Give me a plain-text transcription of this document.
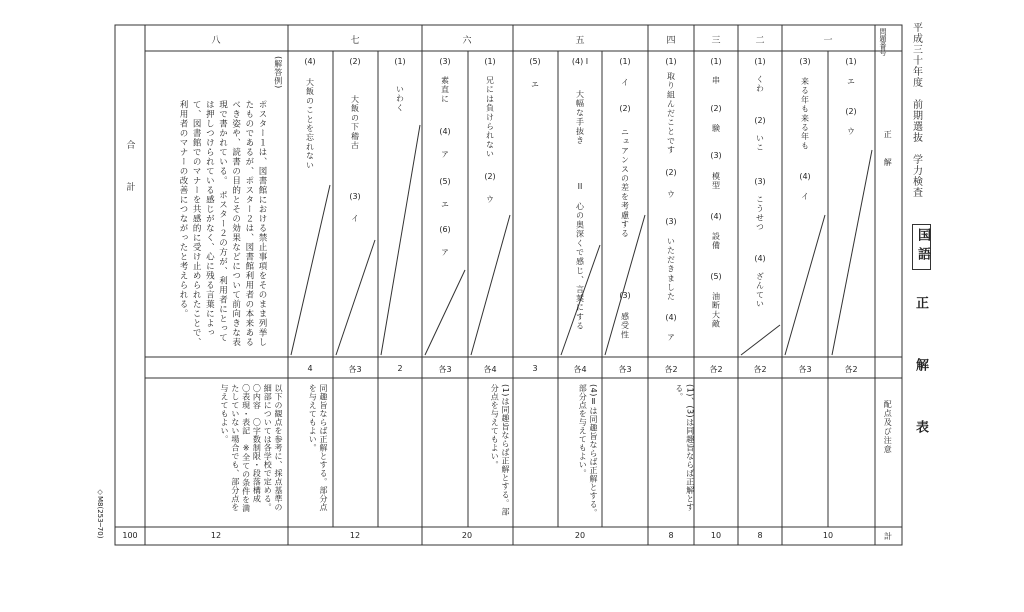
平成三十年度　前期選抜　学力検査
国語
正　解　表
問題番号
正　解
配点及び注意
計
一
二
三
四
五
六
七
八
(1)
エ
(2)
ウ
(3)
来る年も来る年も
(4)
イ
(1)
くわ
(2)
いこ
(3)
こうせつ
(4)
ざんてい
(1)
串
(2)
験
(3)
模型
(4)
設備
(5)
油断大敵
(1)
取り組んだことです
(2)
ウ
(3)
いただきました
(4)
ア
(1)
イ
(2)
ニュアンスの差を考慮する
(3)
感受性
(4) I
大幅な手抜き
II
心の奥深くで感じ、言葉にする
(5)
エ
(1)
兄には負けられない
(2)
ウ
(3)
素直に
(4)
ア
(5)
エ
(6)
ア
(1)
いわく
(2)
大飯の下稽古
(3)
イ
(4)
大飯のことを忘れない
(解答例)
ポスター１は、図書館における禁止事項をそのまま列挙したものであるが、ポスター２は、図書館利用者の本来あるべき姿や、読書の目的とその効果などについて前向きな表現で書かれている。　ポスター２の方が、利用者にとっては押しつけられている感じがなく、心に残る言葉によって、図書館でのマナーを共感的に受け止められたことで、利用者のマナーの改善につながったと考えられる。
各2
各3
各2
各2
各2
各3
各4
3
各4
各3
2
各3
4
(1)、(3)は同趣旨ならば正解とする。
(4)Ⅱは同趣旨ならば正解とする。部分点を与えてもよい。
(1)は同趣旨ならば正解とする。部分点を与えてもよい。
同趣旨ならば正解とする。部分点を与えてもよい。
以下の観点を参考に、採点基準の細部については各学校で定める。〇内容　〇字数制限・段落構成　〇表現・表記　※全ての条件を満たしていない場合でも、部分点を与えてもよい。
10
8
10
8
20
20
12
12
合　計
100
◇M8(253─70)
